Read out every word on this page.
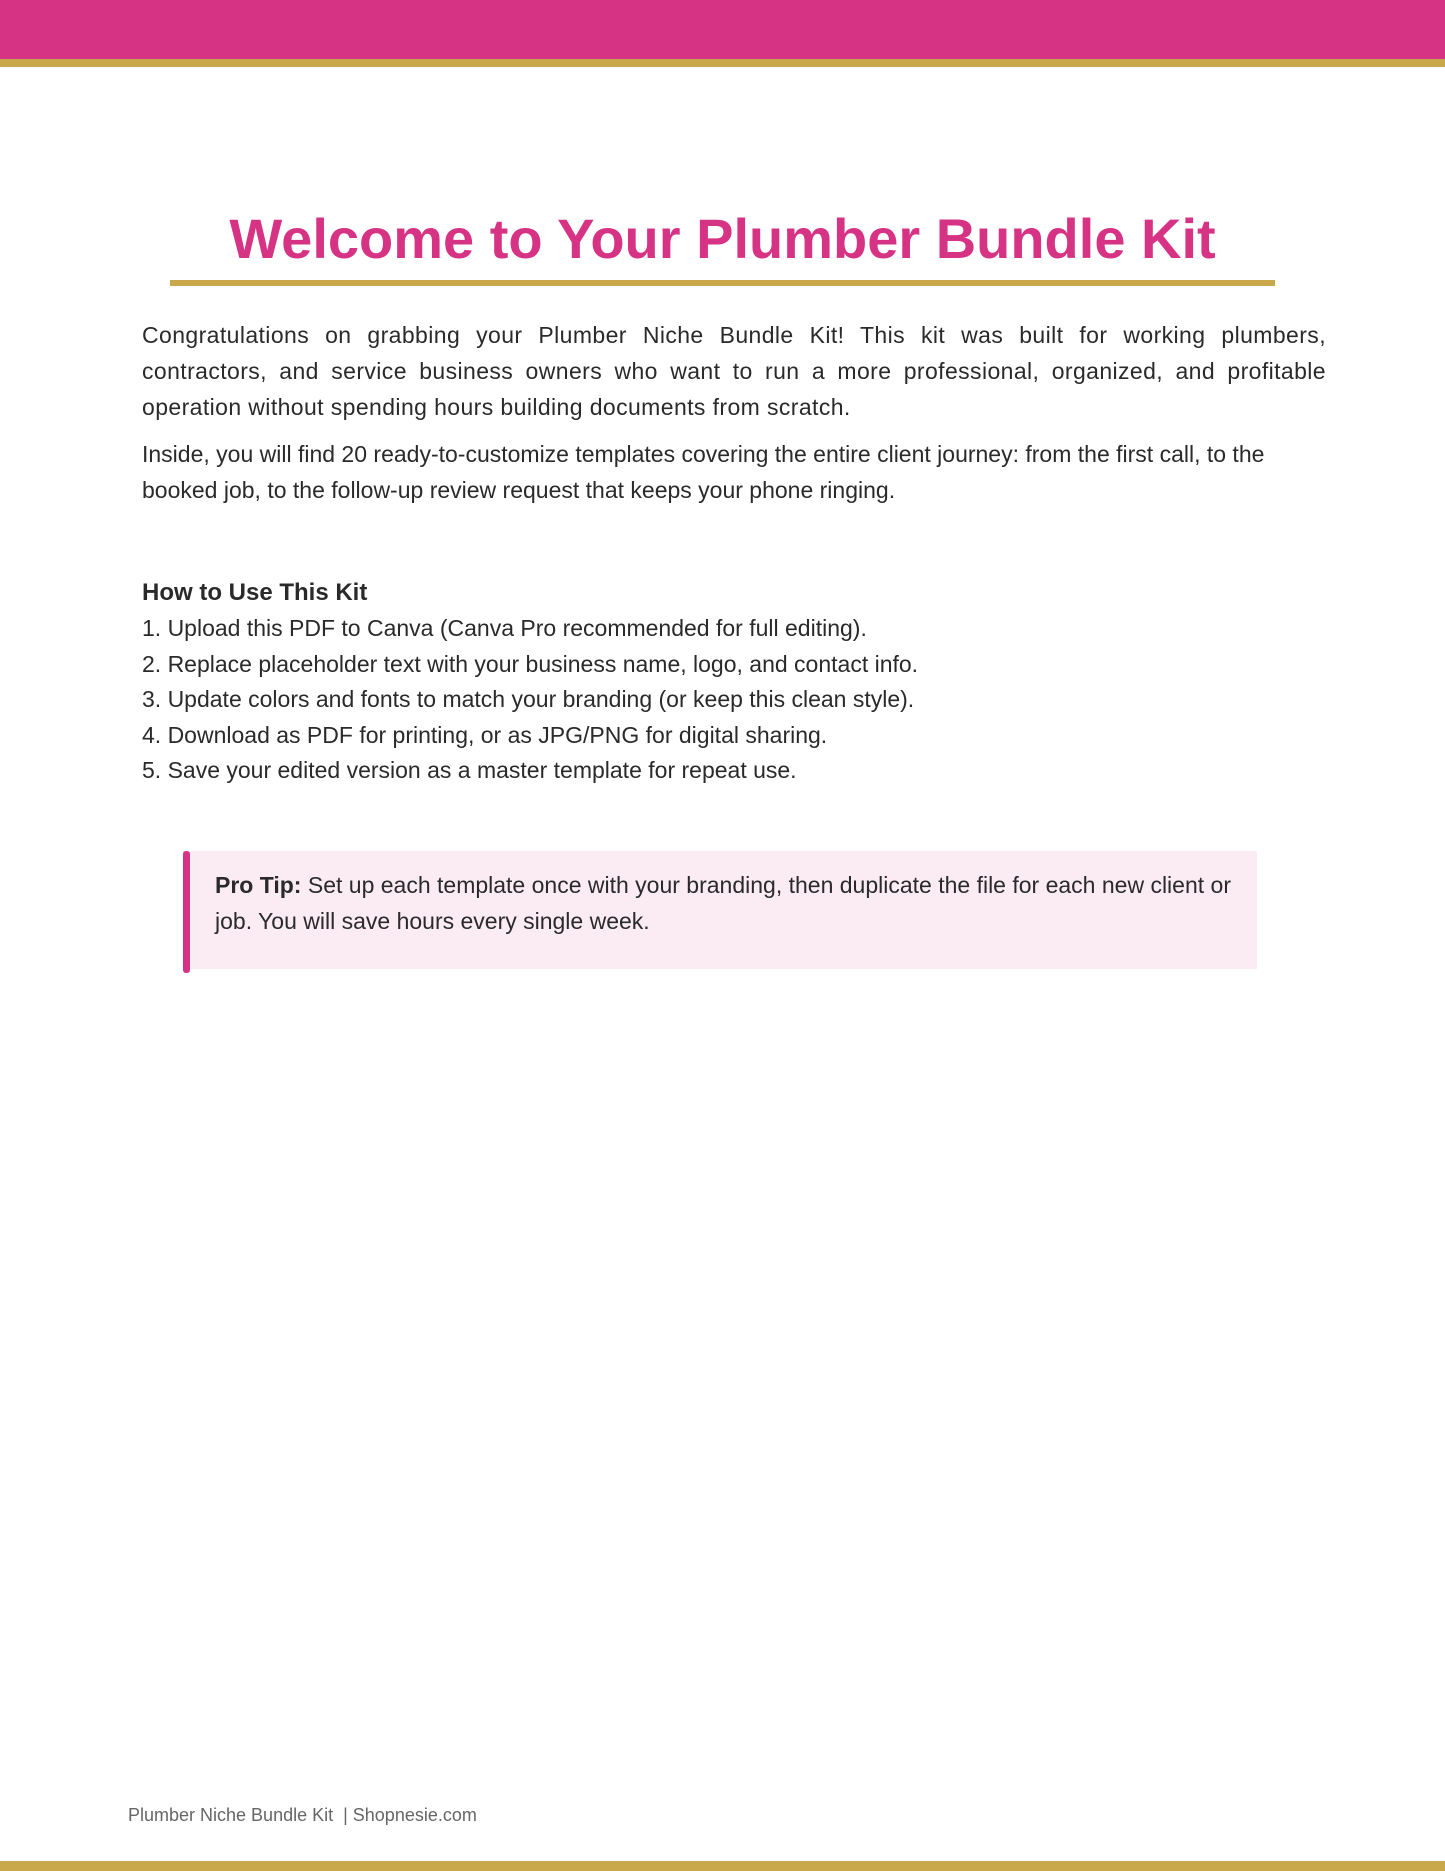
Welcome to Your Plumber Bundle Kit

Congratulations on grabbing your Plumber Niche Bundle Kit! This kit was built for working plumbers, contractors, and service business owners who want to run a more professional, organized, and profitable operation without spending hours building documents from scratch.

Inside, you will find 20 ready-to-customize templates covering the entire client journey: from the first call, to the booked job, to the follow-up review request that keeps your phone ringing.

How to Use This Kit
1. Upload this PDF to Canva (Canva Pro recommended for full editing).
2. Replace placeholder text with your business name, logo, and contact info.
3. Update colors and fonts to match your branding (or keep this clean style).
4. Download as PDF for printing, or as JPG/PNG for digital sharing.
5. Save your edited version as a master template for repeat use.
Pro Tip: Set up each template once with your branding, then duplicate the file for each new client or job. You will save hours every single week.
Plumber Niche Bundle Kit  | Shopnesie.com
